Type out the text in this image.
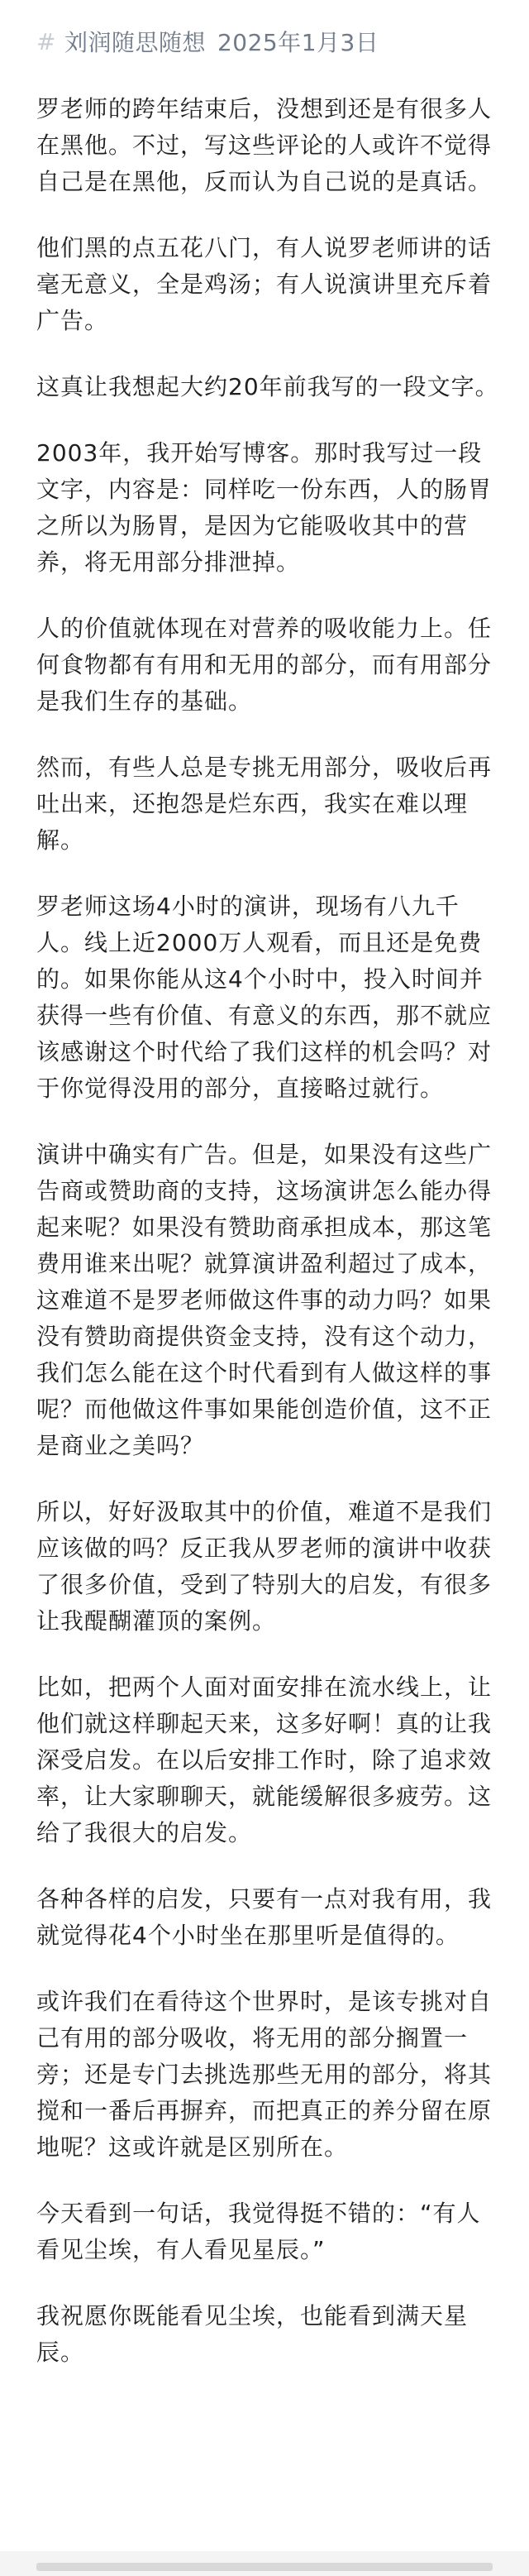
# 刘润随思随想 2025年1月3日

罗老师的跨年结束后，没想到还是有很多人在黑他。不过，写这些评论的人或许不觉得自己是在黑他，反而认为自己说的是真话。

他们黑的点五花八门，有人说罗老师讲的话毫无意义，全是鸡汤；有人说演讲里充斥着广告。

这真让我想起大约20年前我写的一段文字。

2003年，我开始写博客。那时我写过一段文字，内容是：同样吃一份东西，人的肠胃之所以为肠胃，是因为它能吸收其中的营养，将无用部分排泄掉。

人的价值就体现在对营养的吸收能力上。任何食物都有有用和无用的部分，而有用部分是我们生存的基础。

然而，有些人总是专挑无用部分，吸收后再吐出来，还抱怨是烂东西，我实在难以理解。

罗老师这场4小时的演讲，现场有八九千人。线上近2000万人观看，而且还是免费的。如果你能从这4个小时中，投入时间并获得一些有价值、有意义的东西，那不就应该感谢这个时代给了我们这样的机会吗？对于你觉得没用的部分，直接略过就行。

演讲中确实有广告。但是，如果没有这些广告商或赞助商的支持，这场演讲怎么能办得起来呢？如果没有赞助商承担成本，那这笔费用谁来出呢？就算演讲盈利超过了成本，这难道不是罗老师做这件事的动力吗？如果没有赞助商提供资金支持，没有这个动力，我们怎么能在这个时代看到有人做这样的事呢？而他做这件事如果能创造价值，这不正是商业之美吗？

所以，好好汲取其中的价值，难道不是我们应该做的吗？反正我从罗老师的演讲中收获了很多价值，受到了特别大的启发，有很多让我醍醐灌顶的案例。

比如，把两个人面对面安排在流水线上，让他们就这样聊起天来，这多好啊！真的让我深受启发。在以后安排工作时，除了追求效率，让大家聊聊天，就能缓解很多疲劳。这给了我很大的启发。

各种各样的启发，只要有一点对我有用，我就觉得花4个小时坐在那里听是值得的。

或许我们在看待这个世界时，是该专挑对自己有用的部分吸收，将无用的部分搁置一旁；还是专门去挑选那些无用的部分，将其搅和一番后再摒弃，而把真正的养分留在原地呢？这或许就是区别所在。

今天看到一句话，我觉得挺不错的：“有人看见尘埃，有人看见星辰。”

我祝愿你既能看见尘埃，也能看到满天星辰。
